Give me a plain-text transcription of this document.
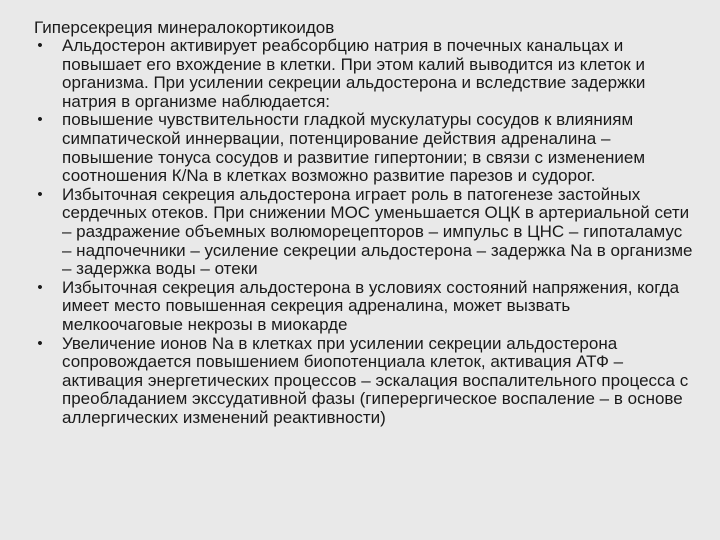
Гиперсекреция минералокортикоидов
• Альдостерон активирует реабсорбцию натрия в почечных канальцах и повышает его вхождение в клетки. При этом калий выводится из клеток и организма. При усилении секреции альдостерона и вследствие задержки натрия в организме наблюдается:
• повышение чувствительности гладкой мускулатуры сосудов к влияниям симпатической иннервации, потенцирование действия адреналина – повышение тонуса сосудов и развитие гипертонии; в связи с изменением соотношения К/Na в клетках возможно развитие парезов и судорог.
• Избыточная секреция альдостерона играет роль в патогенезе застойных сердечных отеков. При снижении МОС уменьшается ОЦК в артериальной сети – раздражение объемных волюморецепторов – импульс в ЦНС – гипоталамус – надпочечники – усиление секреции альдостерона – задержка Na в организме – задержка воды – отеки
• Избыточная секреция альдостерона в условиях состояний напряжения, когда имеет место повышенная секреция адреналина, может вызвать мелкоочаговые некрозы в миокарде
• Увеличение ионов Na в клетках при усилении секреции альдостерона сопровождается повышением биопотенциала клеток, активация АТФ – активация энергетических процессов – эскалация воспалительного процесса с преобладанием экссудативной фазы (гиперергическое воспаление – в основе аллергических изменений реактивности)
